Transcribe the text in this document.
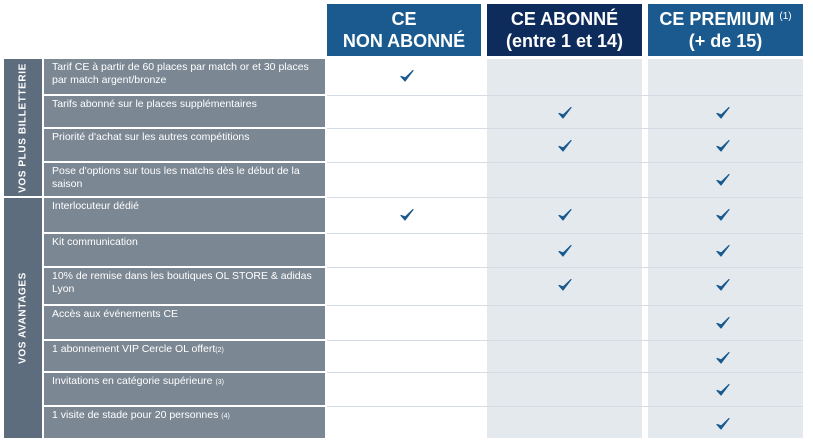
CE
NON ABONNÉ
CE ABONNÉ
(entre 1 et 14)
CE PREMIUM $^{(1)}$
(+ de 15)
VOS PLUS BILLETTERIE
VOS AVANTAGES
Tarif CE à partir de 60 places par match or et 30 places par match argent/bronze
Tarifs abonné sur le places supplémentaires
Priorité d'achat sur les autres compétitions
Pose d'options sur tous les matchs dès le début de la saison
Interlocuteur dédié
Kit communication
10% de remise dans les boutiques OL STORE & adidas Lyon
Accès aux événements CE
1 abonnement VIP Cercle OL offert(2)
Invitations en catégorie supérieure (3)
1 visite de stade pour 20 personnes (4)
